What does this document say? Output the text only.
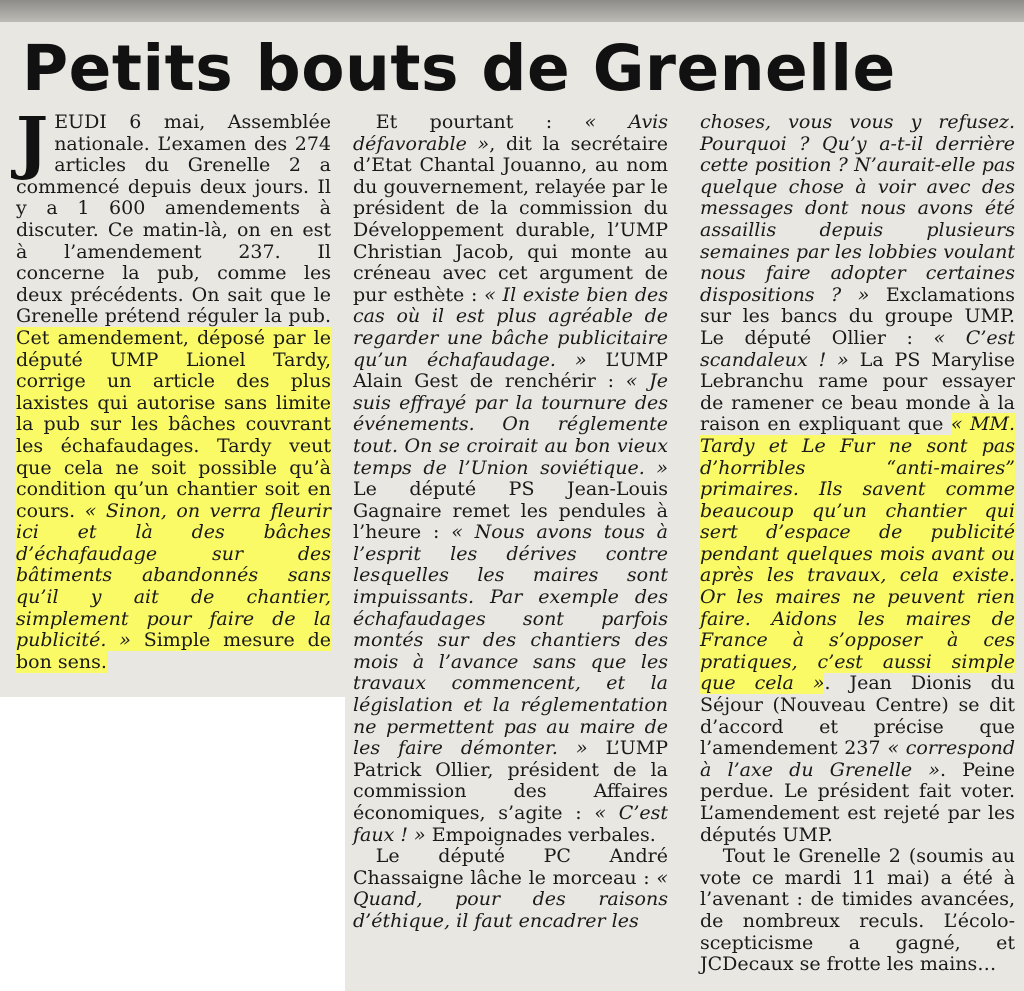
Petits bouts de Grenelle
J EUDI 6 mai, Assemblée nationale. L’examen des 274 articles du Grenelle 2 a commencé depuis deux jours. Il y a 1 600 amendements à discuter. Ce matin-là, on en est à l’amendement 237. Il concerne la pub, comme les deux précédents. On sait que le Grenelle prétend réguler la pub. Cet amendement, déposé par le député UMP Lionel Tardy, corrige un article des plus laxistes qui autorise sans limite la pub sur les bâches couvrant les échafaudages. Tardy veut que cela ne soit possible qu’à condition qu’un chantier soit en cours. « Sinon, on verra fleurir ici et là des bâches d’échafaudage sur des bâtiments abandonnés sans qu’il y ait de chantier, simplement pour faire de la publicité. » Simple mesure de bon sens.

Et pourtant : « Avis défavorable », dit la secrétaire d’Etat Chantal Jouanno, au nom du gouvernement, relayée par le président de la commission du Développement durable, l’UMP Christian Jacob, qui monte au créneau avec cet argument de pur esthète : « Il existe bien des cas où il est plus agréable de regarder une bâche publicitaire qu’un échafaudage. » L’UMP Alain Gest de renchérir : « Je suis effrayé par la tournure des événements. On réglemente tout. On se croirait au bon vieux temps de l’Union soviétique. » Le député PS Jean-Louis Gagnaire remet les pendules à l’heure : « Nous avons tous à l’esprit les dérives contre lesquelles les maires sont impuissants. Par exemple des échafaudages sont parfois montés sur des chantiers des mois à l’avance sans que les travaux commencent, et la législation et la réglementation ne permettent pas au maire de les faire démonter. » L’UMP Patrick Ollier, président de la commission des Affaires économiques, s’agite : « C’est faux ! » Empoignades verbales.

Le député PC André Chassaigne lâche le morceau : « Quand, pour des raisons d’éthique, il faut encadrer les

choses, vous vous y refusez. Pourquoi ? Qu’y a-t-il derrière cette position ? N’aurait-elle pas quelque chose à voir avec des messages dont nous avons été assaillis depuis plusieurs semaines par les lobbies voulant nous faire adopter certaines dispositions ? » Exclamations sur les bancs du groupe UMP. Le député Ollier : « C’est scandaleux ! » La PS Marylise Lebranchu rame pour essayer de ramener ce beau monde à la raison en expliquant que « MM. Tardy et Le Fur ne sont pas d’horribles “anti-maires” primaires. Ils savent comme beaucoup qu’un chantier qui sert d’espace de publicité pendant quelques mois avant ou après les travaux, cela existe. Or les maires ne peuvent rien faire. Aidons les maires de France à s’opposer à ces pratiques, c’est aussi simple que cela ». Jean Dionis du Séjour (Nouveau Centre) se dit d’accord et précise que l’amendement 237 « correspond à l’axe du Grenelle ». Peine perdue. Le président fait voter. L’amendement est rejeté par les députés UMP.

Tout le Grenelle 2 (soumis au vote ce mardi 11 mai) a été à l’avenant : de timides avancées, de nombreux reculs. L’écolo-scepticisme a gagné, et JCDecaux se frotte les mains…
